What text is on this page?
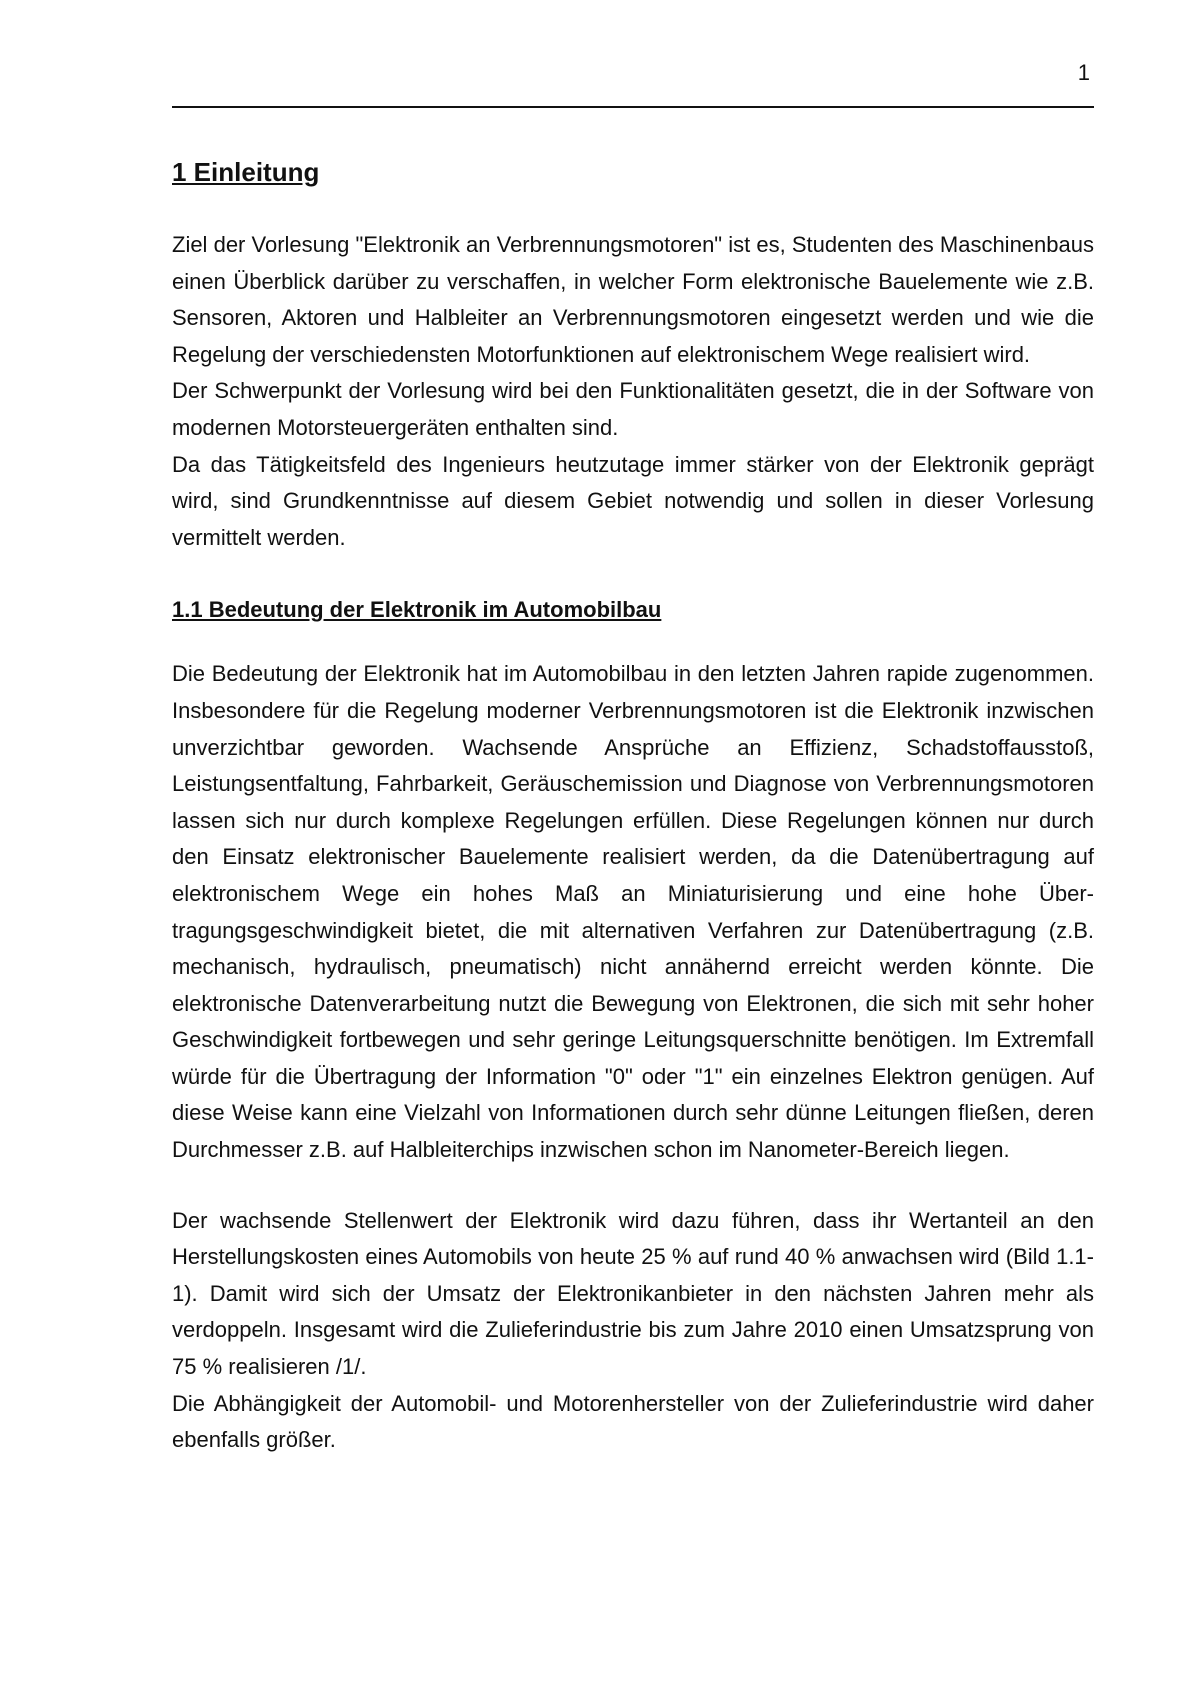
1
1 Einleitung

Ziel der Vorlesung "Elektronik an Verbrennungsmotoren" ist es, Studenten des Maschinenbaus einen Überblick darüber zu verschaffen, in welcher Form elektronische Bauelemente wie z.B. Sensoren, Aktoren und Halbleiter an Verbrennungsmotoren eingesetzt werden und wie die Regelung der verschiedensten Motorfunktionen auf elektronischem Wege realisiert wird.

Der Schwerpunkt der Vorlesung wird bei den Funktionalitäten gesetzt, die in der Software von modernen Motorsteuergeräten enthalten sind.

Da das Tätigkeitsfeld des Ingenieurs heutzutage immer stärker von der Elektronik geprägt wird, sind Grundkenntnisse auf diesem Gebiet notwendig und sollen in dieser Vorlesung vermittelt werden.

1.1 Bedeutung der Elektronik im Automobilbau

Die Bedeutung der Elektronik hat im Automobilbau in den letzten Jahren rapide zugenommen. Insbesondere für die Regelung moderner Verbrennungsmotoren ist die Elektronik inzwischen unverzichtbar geworden. Wachsende Ansprüche an Effizienz, Schadstoffausstoß, Leistungsentfaltung, Fahrbarkeit, Geräuschemission und Diagnose von Verbrennungsmotoren lassen sich nur durch komplexe Regelungen erfüllen. Diese Regelungen können nur durch den Einsatz elektronischer Bauelemente realisiert werden, da die Datenübertragung auf elektronischem Wege ein hohes Maß an Miniaturisierung und eine hohe Über-tragungsgeschwindigkeit bietet, die mit alternativen Verfahren zur Datenübertragung (z.B. mechanisch, hydraulisch, pneumatisch) nicht annähernd erreicht werden könnte. Die elektronische Datenverarbeitung nutzt die Bewegung von Elektronen, die sich mit sehr hoher Geschwindigkeit fortbewegen und sehr geringe Leitungsquerschnitte benötigen. Im Extremfall würde für die Übertragung der Information "0" oder "1" ein einzelnes Elektron genügen. Auf diese Weise kann eine Vielzahl von Informationen durch sehr dünne Leitungen fließen, deren Durchmesser z.B. auf Halbleiterchips inzwischen schon im Nanometer-Bereich liegen.

Der wachsende Stellenwert der Elektronik wird dazu führen, dass ihr Wertanteil an den Herstellungskosten eines Automobils von heute 25 % auf rund 40 % anwachsen wird (Bild 1.1-1). Damit wird sich der Umsatz der Elektronikanbieter in den nächsten Jahren mehr als verdoppeln. Insgesamt wird die Zulieferindustrie bis zum Jahre 2010 einen Umsatzsprung von 75 % realisieren /1/.

Die Abhängigkeit der Automobil- und Motorenhersteller von der Zulieferindustrie wird daher ebenfalls größer.
